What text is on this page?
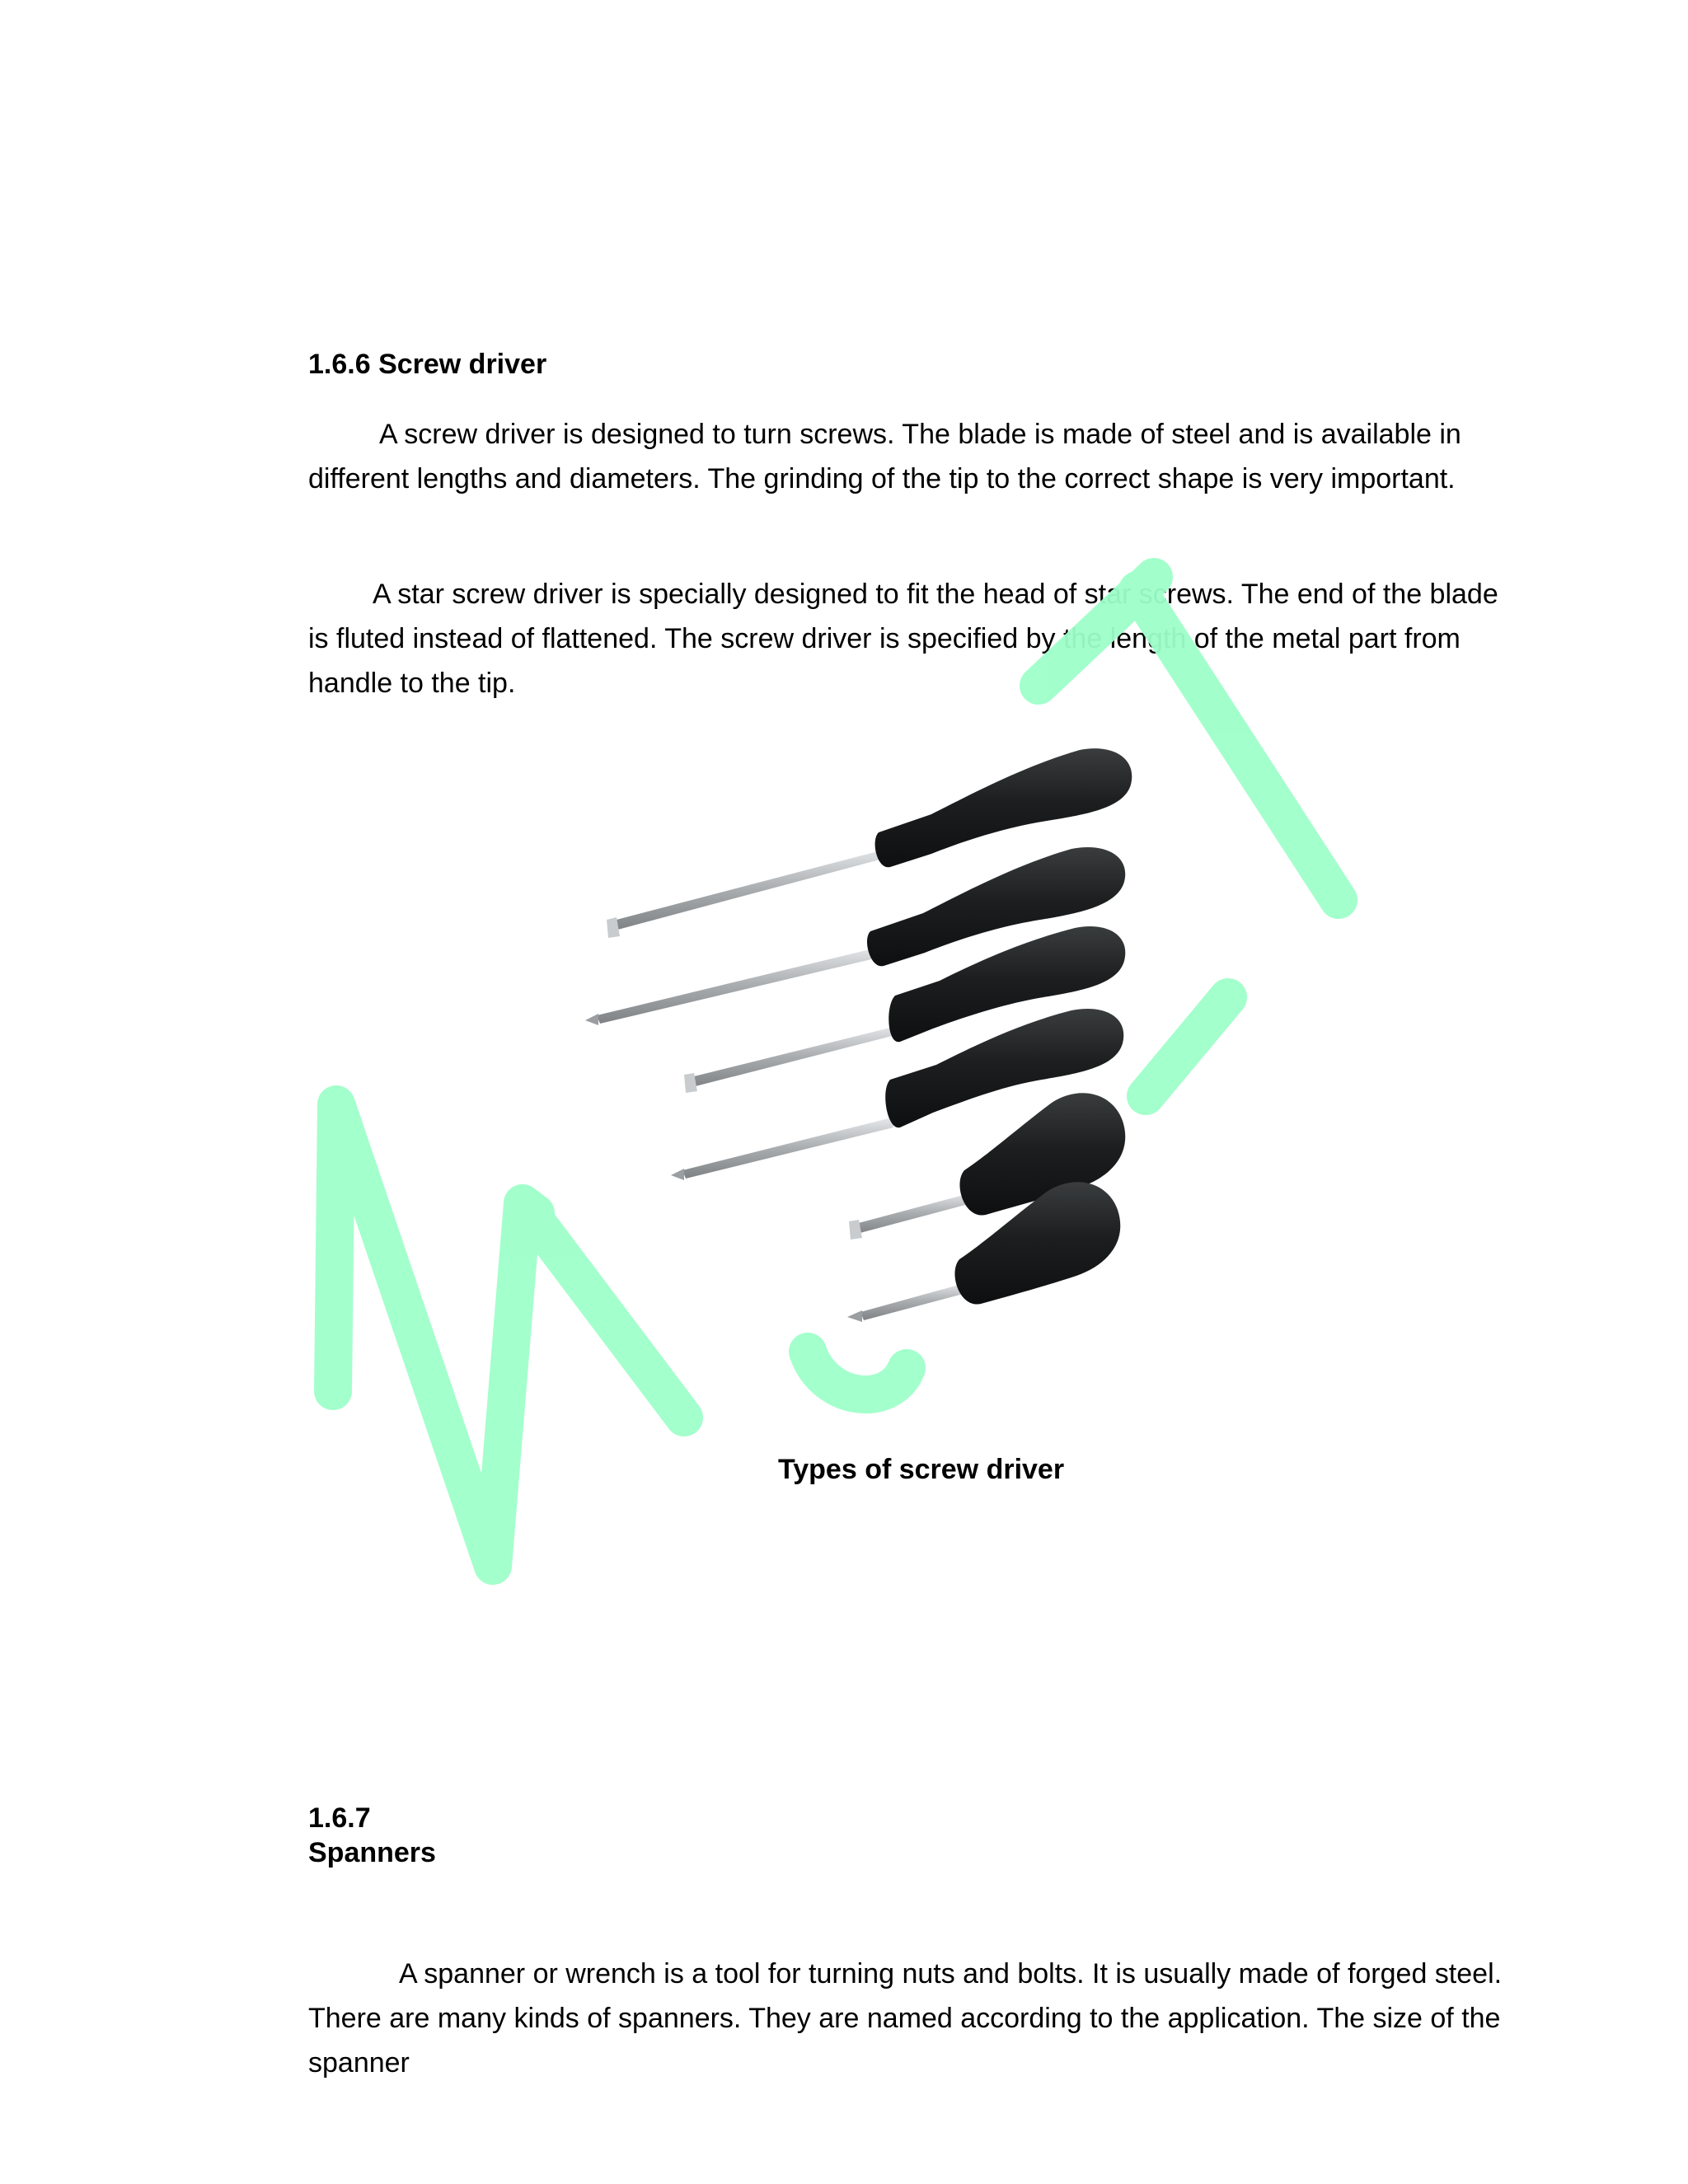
1.6.6 Screw driver

A screw driver is designed to turn screws. The blade is made of steel and is available in different lengths and diameters. The grinding of the tip to the correct shape is very important.

A star screw driver is specially designed to fit the head of star screws. The end of the blade is fluted instead of flattened. The screw driver is specified by the length of the metal part from handle to the tip.

Types of screw driver
1.6.7
Spanners

A spanner or wrench is a tool for turning nuts and bolts. It is usually made of forged steel. There are many kinds of spanners. They are named according to the application. The size of the spanner
